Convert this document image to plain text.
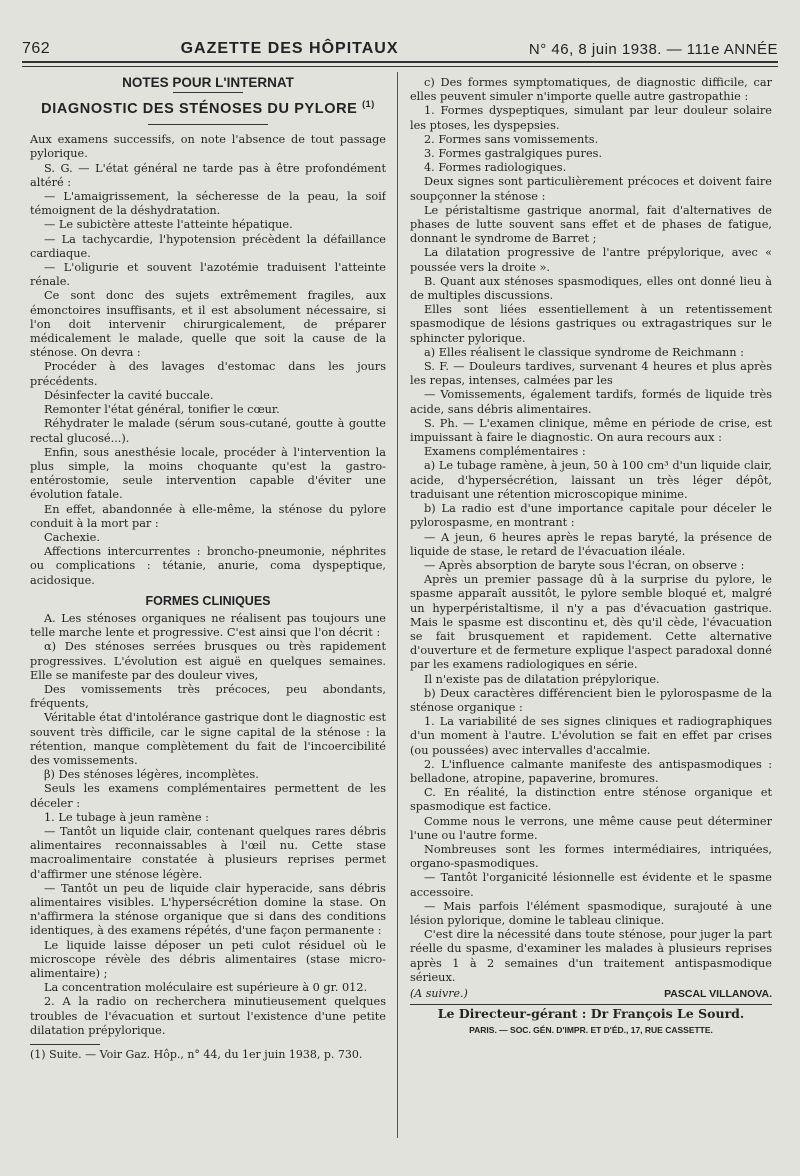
762	GAZETTE DES HÔPITAUX	N° 46, 8 juin 1938. — 111e ANNÉE
NOTES POUR L'INTERNAT
DIAGNOSTIC DES STÉNOSES DU PYLORE $^{(1)}$

Aux examens successifs, on note l'absence de tout passage pylorique.

S. G. — L'état général ne tarde pas à être profondément altéré :

— L'amaigrissement, la sécheresse de la peau, la soif témoignent de la déshydratation.

— Le subictère atteste l'atteinte hépatique.

— La tachycardie, l'hypotension précèdent la défaillance cardiaque.

— L'oligurie et souvent l'azotémie traduisent l'atteinte rénale.

Ce sont donc des sujets extrêmement fragiles, aux émonctoires insuffisants, et il est absolument nécessaire, si l'on doit intervenir chirurgicalement, de préparer médicalement le malade, quelle que soit la cause de la sténose. On devra :

Procéder à des lavages d'estomac dans les jours précédents.

Désinfecter la cavité buccale.

Remonter l'état général, tonifier le cœur.

Réhydrater le malade (sérum sous-cutané, goutte à goutte rectal glucosé...).

Enfin, sous anesthésie locale, procéder à l'intervention la plus simple, la moins choquante qu'est la gastro-entérostomie, seule intervention capable d'éviter une évolution fatale.

En effet, abandonnée à elle-même, la sténose du pylore conduit à la mort par :

Cachexie.

Affections intercurrentes : broncho-pneumonie, néphrites ou complications : tétanie, anurie, coma dyspeptique, acidosique.

FORMES CLINIQUES

A. Les sténoses organiques ne réalisent pas toujours une telle marche lente et progressive. C'est ainsi que l'on décrit :

α) Des sténoses serrées brusques ou très rapidement progressives. L'évolution est aiguë en quelques semaines. Elle se manifeste par des douleur vives,

Des vomissements très précoces, peu abondants, fréquents,

Véritable état d'intolérance gastrique dont le diagnostic est souvent très difficile, car le signe capital de la sténose : la rétention, manque complètement du fait de l'incoercibilité des vomissements.

β) Des sténoses légères, incomplètes.

Seuls les examens complémentaires permettent de les déceler :

1. Le tubage à jeun ramène :

— Tantôt un liquide clair, contenant quelques rares débris alimentaires reconnaissables à l'œil nu. Cette stase macroalimentaire constatée à plusieurs reprises permet d'affirmer une sténose légère.

— Tantôt un peu de liquide clair hyperacide, sans débris alimentaires visibles. L'hypersécrétion domine la stase. On n'affirmera la sténose organique que si dans des conditions identiques, à des examens répétés, d'une façon permanente :

Le liquide laisse déposer un peti culot résiduel où le microscope révèle des débris alimentaires (stase micro-alimentaire) ;

La concentration moléculaire est supérieure à 0 gr. 012.

2. A la radio on recherchera minutieusement quelques troubles de l'évacuation et surtout l'existence d'une petite dilatation prépylorique.

(1) Suite. — Voir Gaz. Hôp., n° 44, du 1er juin 1938, p. 730.

c) Des formes symptomatiques, de diagnostic difficile, car elles peuvent simuler n'importe quelle autre gastropathie :

1. Formes dyspeptiques, simulant par leur douleur solaire les ptoses, les dyspepsies.

2. Formes sans vomissements.

3. Formes gastralgiques pures.

4. Formes radiologiques.

Deux signes sont particulièrement précoces et doivent faire soupçonner la sténose :

Le péristaltisme gastrique anormal, fait d'alternatives de phases de lutte souvent sans effet et de phases de fatigue, donnant le syndrome de Barret ;

La dilatation progressive de l'antre prépylorique, avec « poussée vers la droite ».

B. Quant aux sténoses spasmodiques, elles ont donné lieu à de multiples discussions.

Elles sont liées essentiellement à un retentissement spasmodique de lésions gastriques ou extragastriques sur le sphincter pylorique.

a) Elles réalisent le classique syndrome de Reichmann :

S. F. — Douleurs tardives, survenant 4 heures et plus après les repas, intenses, calmées par les

— Vomissements, également tardifs, formés de liquide très acide, sans débris alimentaires.

S. Ph. — L'examen clinique, même en période de crise, est impuissant à faire le diagnostic. On aura recours aux :

Examens complémentaires :

a) Le tubage ramène, à jeun, 50 à 100 cm³ d'un liquide clair, acide, d'hypersécrétion, laissant un très léger dépôt, traduisant une rétention microscopique minime.

b) La radio est d'une importance capitale pour déceler le pylorospasme, en montrant :

— A jeun, 6 heures après le repas baryté, la présence de liquide de stase, le retard de l'évacuation iléale.

— Après absorption de baryte sous l'écran, on observe :

Après un premier passage dû à la surprise du pylore, le spasme apparaît aussitôt, le pylore semble bloqué et, malgré un hyperpéristaltisme, il n'y a pas d'évacuation gastrique. Mais le spasme est discontinu et, dès qu'il cède, l'évacuation se fait brusquement et rapidement. Cette alternative d'ouverture et de fermeture explique l'aspect paradoxal donné par les examens radiologiques en série.

Il n'existe pas de dilatation prépylorique.

b) Deux caractères différencient bien le pylorospasme de la sténose organique :

1. La variabilité de ses signes cliniques et radiographiques d'un moment à l'autre. L'évolution se fait en effet par crises (ou poussées) avec intervalles d'accalmie.

2. L'influence calmante manifeste des antispasmodiques : belladone, atropine, papaverine, bromures.

C. En réalité, la distinction entre sténose organique et spasmodique est factice.

Comme nous le verrons, une même cause peut déterminer l'une ou l'autre forme.

Nombreuses sont les formes intermédiaires, intriquées, organo-spasmodiques.

— Tantôt l'organicité lésionnelle est évidente et le spasme accessoire.

— Mais parfois l'élément spasmodique, surajouté à une lésion pylorique, domine le tableau clinique.

C'est dire la nécessité dans toute sténose, pour juger la part réelle du spasme, d'examiner les malades à plusieurs reprises après 1 à 2 semaines d'un traitement antispasmodique sérieux.

(A suivre.)	PASCAL VILLANOVA.
Le Directeur-gérant : Dr François Le Sourd.
PARIS. — SOC. GÉN. D'IMPR. ET D'ÉD., 17, RUE CASSETTE.
